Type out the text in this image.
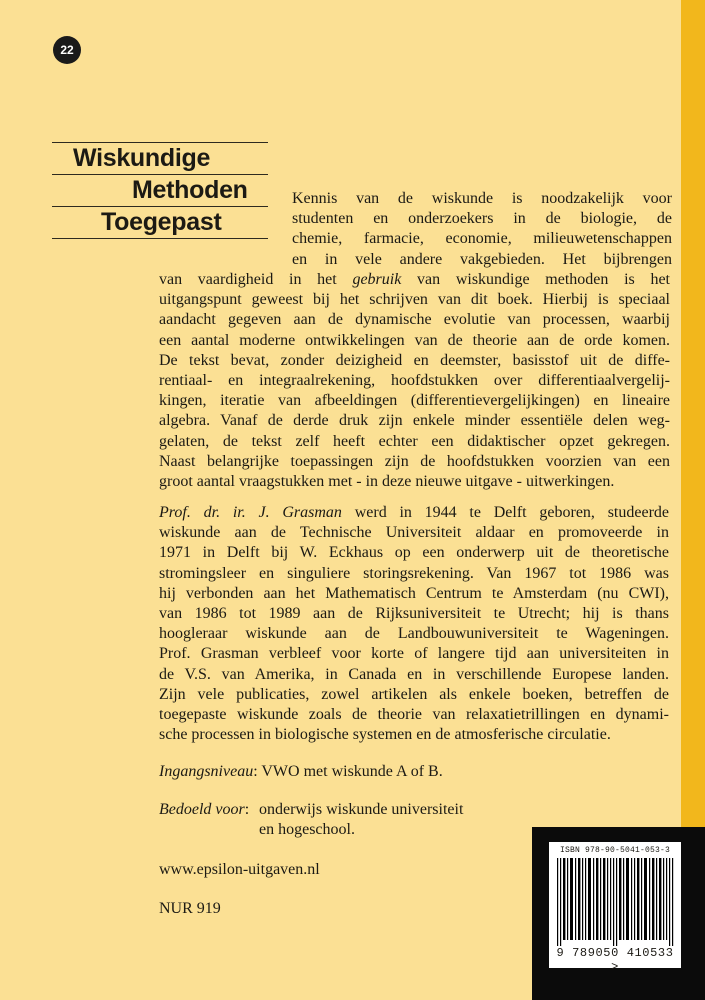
22
Wiskundige
Methoden
Toegepast
Kennis van de wiskunde is noodzakelijk voor
studenten en onderzoekers in de biologie, de
chemie, farmacie, economie, milieuwetenschappen
en in vele andere vakgebieden. Het bijbrengen
van vaardigheid in het gebruik van wiskundige methoden is het
uitgangspunt geweest bij het schrijven van dit boek. Hierbij is speciaal
aandacht gegeven aan de dynamische evolutie van processen, waarbij
een aantal moderne ontwikkelingen van de theorie aan de orde komen.
De tekst bevat, zonder deizigheid en deemster, basisstof uit de diffe-
rentiaal- en integraalrekening, hoofdstukken over differentiaalvergelij-
kingen, iteratie van afbeeldingen (differentievergelijkingen) en lineaire
algebra. Vanaf de derde druk zijn enkele minder essentiële delen weg-
gelaten, de tekst zelf heeft echter een didaktischer opzet gekregen.
Naast belangrijke toepassingen zijn de hoofdstukken voorzien van een
groot aantal vraagstukken met - in deze nieuwe uitgave - uitwerkingen.
Prof. dr. ir. J. Grasman werd in 1944 te Delft geboren, studeerde
wiskunde aan de Technische Universiteit aldaar en promoveerde in
1971 in Delft bij W. Eckhaus op een onderwerp uit de theoretische
stromingsleer en singuliere storingsrekening. Van 1967 tot 1986 was
hij verbonden aan het Mathematisch Centrum te Amsterdam (nu CWI),
van 1986 tot 1989 aan de Rijksuniversiteit te Utrecht; hij is thans
hoogleraar wiskunde aan de Landbouwuniversiteit te Wageningen.
Prof. Grasman verbleef voor korte of langere tijd aan universiteiten in
de V.S. van Amerika, in Canada en in verschillende Europese landen.
Zijn vele publicaties, zowel artikelen als enkele boeken, betreffen de
toegepaste wiskunde zoals de theorie van relaxatietrillingen en dynami-
sche processen in biologische systemen en de atmosferische circulatie.
Ingangsniveau: VWO met wiskunde A of B.
Bedoeld voor: onderwijs wiskunde universiteit
en hogeschool.
www.epsilon-uitgaven.nl
NUR 919
ISBN 978-90-5041-053-3
9 789050 410533 >
